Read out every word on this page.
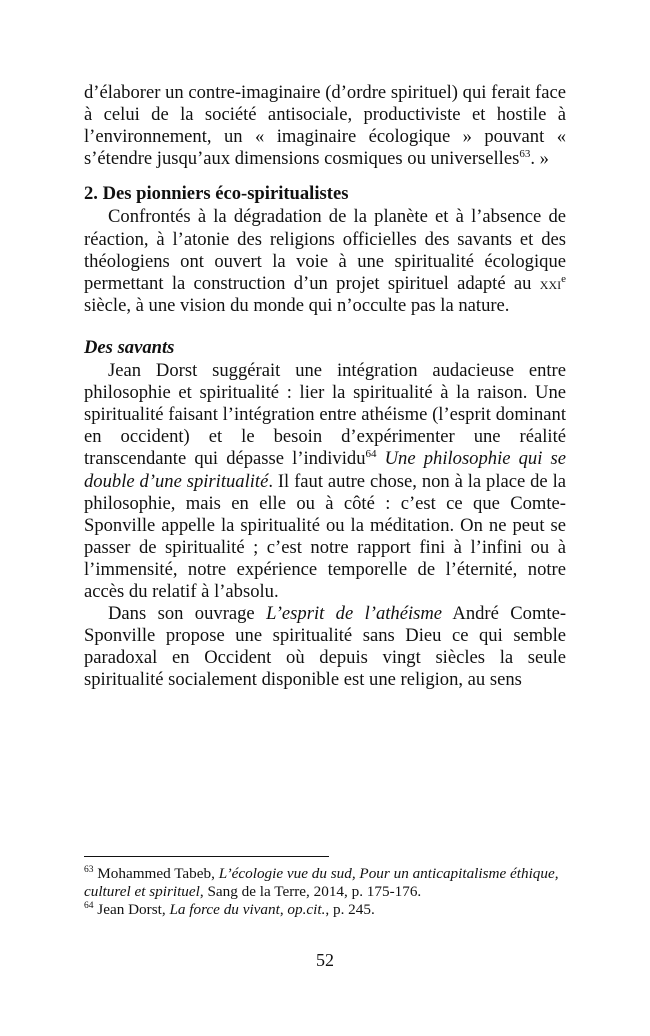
d’élaborer un contre-imaginaire (d’ordre spirituel) qui ferait face à celui de la société antisociale, productiviste et hostile à l’environnement, un « imaginaire écologique » pouvant « s’étendre jusqu’aux dimensions cosmiques ou universelles$^{63}$. »

2. Des pionniers éco-spiritualistes

Confrontés à la dégradation de la planète et à l’absence de réaction, à l’atonie des religions officielles des savants et des théologiens ont ouvert la voie à une spiritualité écologique permettant la construction d’un projet spirituel adapté au xxi$^e$ siècle, à une vision du monde qui n’occulte pas la nature.

Des savants

Jean Dorst suggérait une intégration audacieuse entre philosophie et spiritualité : lier la spiritualité à la raison. Une spiritualité faisant l’intégration entre athéisme (l’esprit dominant en occident) et le besoin d’expérimenter une réalité transcendante qui dépasse l’individu$^{64}$ Une philosophie qui se double d’une spiritualité. Il faut autre chose, non à la place de la philosophie, mais en elle ou à côté : c’est ce que Comte-Sponville appelle la spiritualité ou la méditation. On ne peut se passer de spiritualité ; c’est notre rapport fini à l’infini ou à l’immensité, notre expérience temporelle de l’éternité, notre accès du relatif à l’absolu.

Dans son ouvrage L’esprit de l’athéisme André Comte-Sponville propose une spiritualité sans Dieu ce qui semble paradoxal en Occident où depuis vingt siècles la seule spiritualité socialement disponible est une religion, au sens

$^{63}$ Mohammed Tabeb, L’écologie vue du sud, Pour un anticapitalisme éthique, culturel et spirituel, Sang de la Terre, 2014, p. 175-176.

$^{64}$ Jean Dorst, La force du vivant, op.cit., p. 245.

52
